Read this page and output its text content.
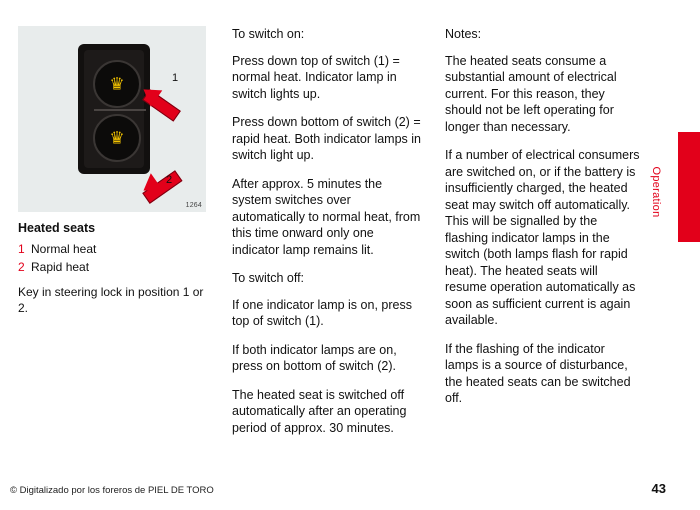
♛
♛
1
2
1264
Heated seats
1 Normal heat
2 Rapid heat
Key in steering lock in position 1 or 2.
To switch on:

Press down top of switch (1) = normal heat. Indicator lamp in switch lights up.

Press down bottom of switch (2) = rapid heat. Both indicator lamps in switch light up.

After approx. 5 minutes the system switches over automatically to normal heat, from this time onward only one indicator lamp remains lit.

To switch off:

If one indicator lamp is on, press top of switch (1).

If both indicator lamps are on, press on bottom of switch (2).

The heated seat is switched off automatically after an operating period of approx. 30 minutes.

Notes:

The heated seats consume a substantial amount of electrical current. For this reason, they should not be left operating for longer than necessary.

If a number of electrical consumers are switched on, or if the battery is insufficiently charged, the heated seat may switch off automatically. This will be signalled by the flashing indicator lamps in the switch (both lamps flash for rapid heat). The heated seats will resume operation automatically as soon as sufficient current is again available.

If the flashing of the indicator lamps is a source of disturbance, the heated seats can be switched off.

Operation
© Digitalizado por los foreros de PIEL DE TORO	43
